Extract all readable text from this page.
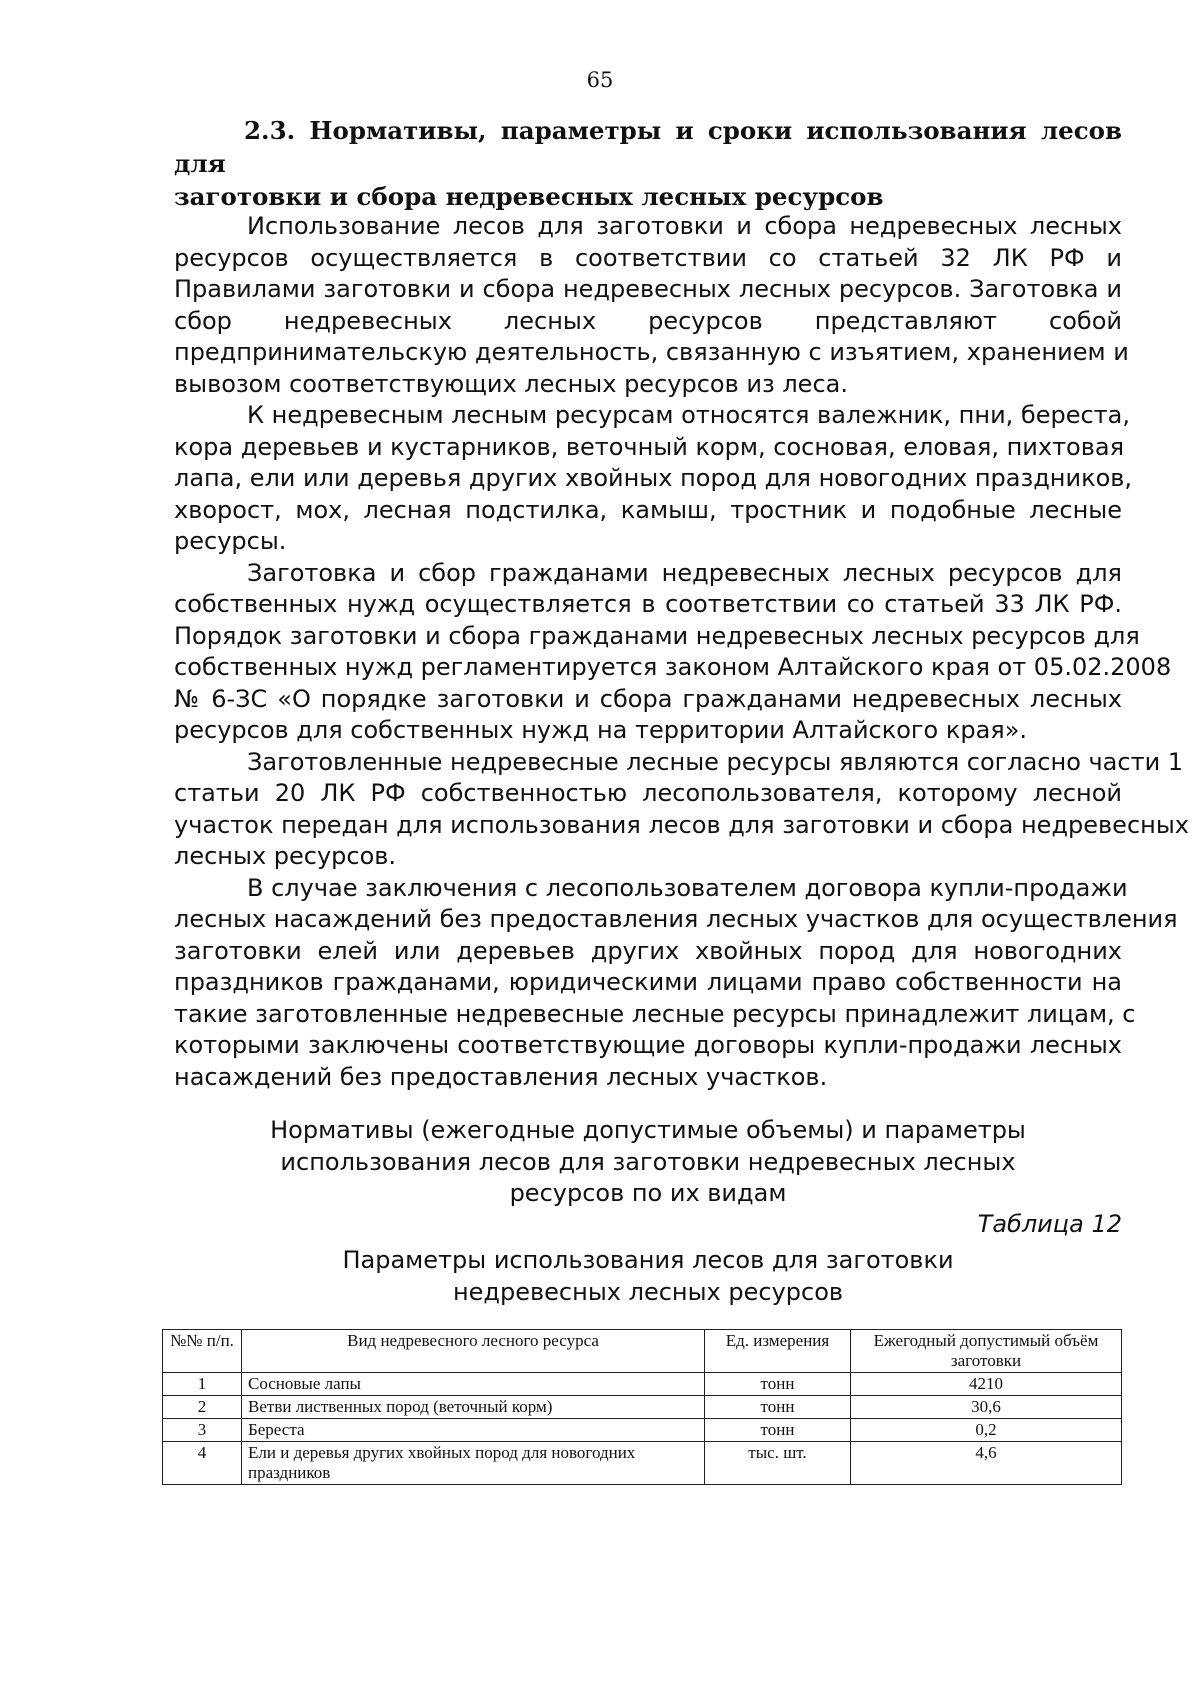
65
2.3. Нормативы, параметры и сроки использования лесов для
заготовки и сбора недревесных лесных ресурсов
Использование лесов для заготовки и сбора недревесных лесных
ресурсов осуществляется в соответствии со статьей 32 ЛК РФ и
Правилами заготовки и сбора недревесных лесных ресурсов. Заготовка и
сбор недревесных лесных ресурсов представляют собой
предпринимательскую деятельность, связанную с изъятием, хранением и
вывозом соответствующих лесных ресурсов из леса.
К недревесным лесным ресурсам относятся валежник, пни, береста,
кора деревьев и кустарников, веточный корм, сосновая, еловая, пихтовая
лапа, ели или деревья других хвойных пород для новогодних праздников,
хворост, мох, лесная подстилка, камыш, тростник и подобные лесные
ресурсы.
Заготовка и сбор гражданами недревесных лесных ресурсов для
собственных нужд осуществляется в соответствии со статьей 33 ЛК РФ.
Порядок заготовки и сбора гражданами недревесных лесных ресурсов для
собственных нужд регламентируется законом Алтайского края от 05.02.2008
№ 6-ЗС «О порядке заготовки и сбора гражданами недревесных лесных
ресурсов для собственных нужд на территории Алтайского края».
Заготовленные недревесные лесные ресурсы являются согласно части 1
статьи 20 ЛК РФ собственностью лесопользователя, которому лесной
участок передан для использования лесов для заготовки и сбора недревесных
лесных ресурсов.
В случае заключения с лесопользователем договора купли-продажи
лесных насаждений без предоставления лесных участков для осуществления
заготовки елей или деревьев других хвойных пород для новогодних
праздников гражданами, юридическими лицами право собственности на
такие заготовленные недревесные лесные ресурсы принадлежит лицам, с
которыми заключены соответствующие договоры купли-продажи лесных
насаждений без предоставления лесных участков.
Нормативы (ежегодные допустимые объемы) и параметры
использования лесов для заготовки недревесных лесных
ресурсов по их видам
Таблица 12
Параметры использования лесов для заготовки
недревесных лесных ресурсов
№№ п/п.	Вид недревесного лесного ресурса	Ед. измерения	Ежегодный допустимый объём заготовки
1	Сосновые лапы	тонн	4210
2	Ветви лиственных пород (веточный корм)	тонн	30,6
3	Береста	тонн	0,2
4	Ели и деревья других хвойных пород для новогодних праздников	тыс. шт.	4,6
